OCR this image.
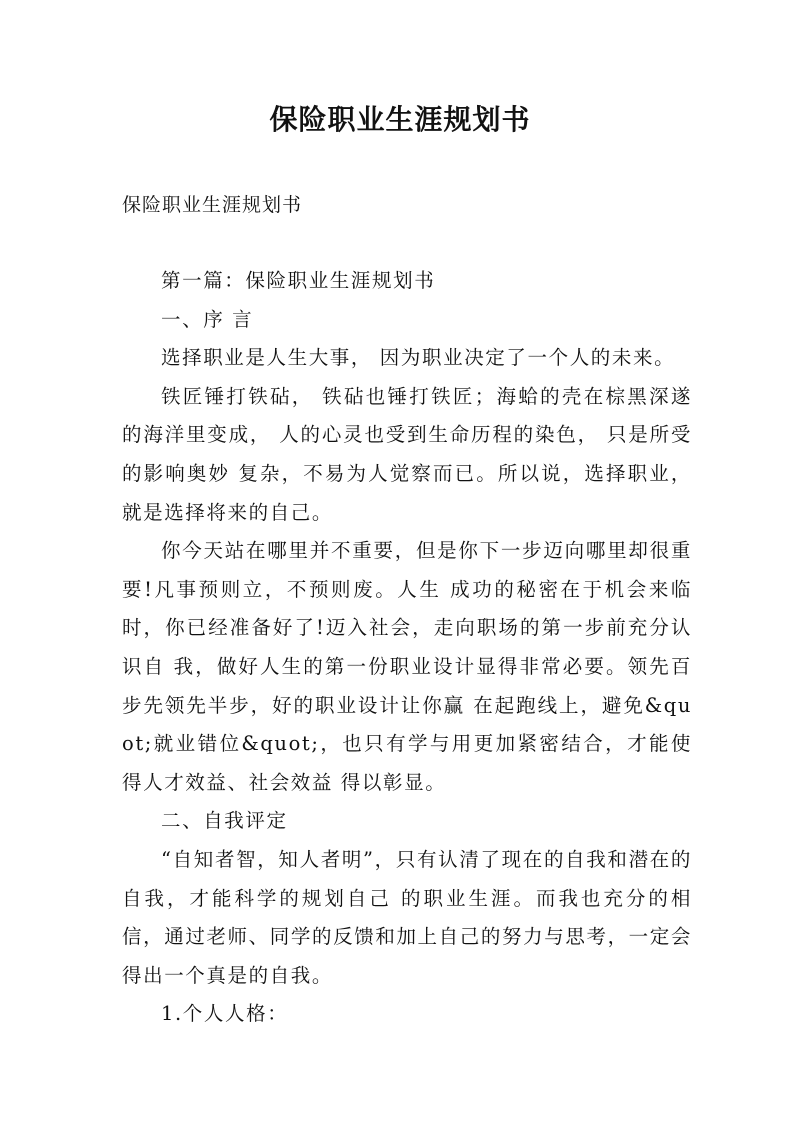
保险职业生涯规划书

保险职业生涯规划书

第一篇：保险职业生涯规划书

一、序 言

选择职业是人生大事， 因为职业决定了一个人的未来。

铁匠锤打铁砧， 铁砧也锤打铁匠；海蛤的壳在棕黑深遂的海洋里变成， 人的心灵也受到生命历程的染色， 只是所受的影响奥妙 复杂，不易为人觉察而已。所以说，选择职业，就是选择将来的自己。

你今天站在哪里并不重要，但是你下一步迈向哪里却很重要!凡事预则立，不预则废。人生 成功的秘密在于机会来临时，你已经准备好了!迈入社会，走向职场的第一步前充分认识自 我，做好人生的第一份职业设计显得非常必要。领先百步先领先半步，好的职业设计让你赢 在起跑线上，避免&quot;就业错位&quot;，也只有学与用更加紧密结合，才能使得人才效益、社会效益 得以彰显。

二、自我评定

“自知者智，知人者明”，只有认清了现在的自我和潜在的自我，才能科学的规划自己 的职业生涯。而我也充分的相信，通过老师、同学的反馈和加上自己的努力与思考，一定会 得出一个真是的自我。

1.个人人格：
